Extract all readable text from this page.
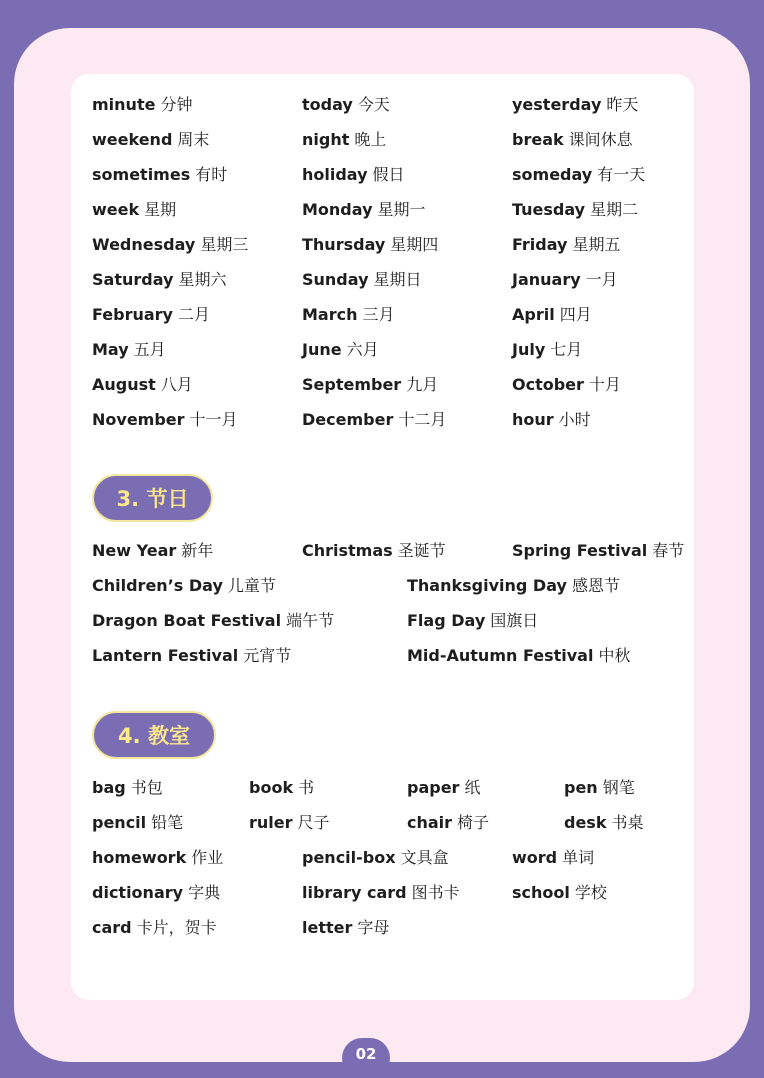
minute 分钟	today 今天	yesterday 昨天
weekend 周末	night 晚上	break 课间休息
sometimes 有时	holiday 假日	someday 有一天
week 星期	Monday 星期一	Tuesday 星期二
Wednesday 星期三	Thursday 星期四	Friday 星期五
Saturday 星期六	Sunday 星期日	January 一月
February 二月	March 三月	April 四月
May 五月	June 六月	July 七月
August 八月	September 九月	October 十月
November 十一月	December 十二月	hour 小时
3. 节日
New Year 新年	Christmas 圣诞节	Spring Festival 春节
Children’s Day 儿童节	Thanksgiving Day 感恩节
Dragon Boat Festival 端午节	Flag Day 国旗日
Lantern Festival 元宵节	Mid-Autumn Festival 中秋
4. 教室
bag 书包	book 书	paper 纸	pen 钢笔
pencil 铅笔	ruler 尺子	chair 椅子	desk 书桌
homework 作业	pencil-box 文具盒	word 单词
dictionary 字典	library card 图书卡	school 学校
card 卡片，贺卡	letter 字母
02
